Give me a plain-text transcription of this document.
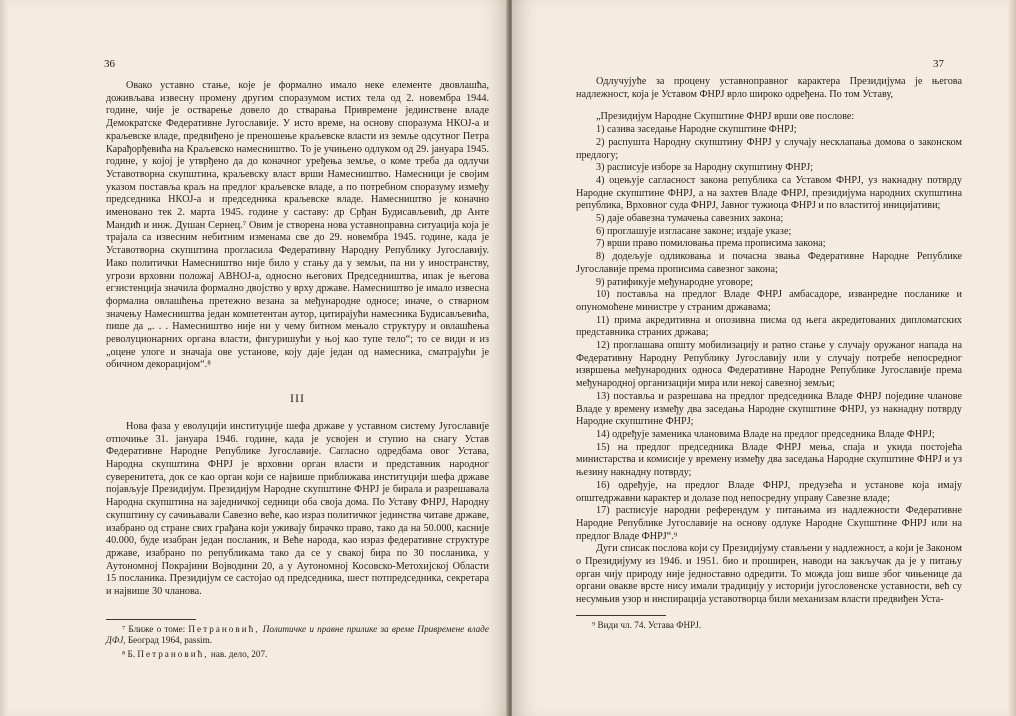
36

Овако уставно стање, које је формално имало неке елементе двовлашћа, доживљава извесну промену другим споразумом истих тела од 2. новембра 1944. године, чије је остварење довело до стварања Привремене јединствене владе Демократске Федеративне Југославије. У исто време, на основу споразума НКОЈ-а и краљевске владе, предвиђено је преношење краљевске власти из земље одсутног Петра Карађорђевића на Краљевско намесништво. То је учињено одлуком од 29. јануара 1945. године, у којој је утврђено да до коначног уређења земље, о коме треба да одлучи Уставотворна скупштина, краљевску власт врши Намесништво. Намесници је својим указом поставља краљ на предлог краљевске владе, а по потребном споразуму између председника НКОЈ-а и председника краљевске владе. Намесништво је коначно именовано тек 2. марта 1945. године у саставу: др Срђан Будисављевић, др Анте Мандић и инж. Душан Сернец.⁷ Овим је створена нова уставноправна ситуација која је трајала са извесним небитним изменама све до 29. новембра 1945. године, када је Уставотворна скупштина прогласила Федеративну Народну Републику Југославију. Иако политички Намесништво није било у стању да у земљи, па ни у иностранству, угрози врховни положај АВНОЈ-а, односно његових Председништва, ипак је његова егзистенција значила формално двојство у врху државе. Намесништво је имало извесна формална овлашћења претежно везана за међународне односе; иначе, о стварном значењу Намесништва један компетентан аутор, цитирајући намесника Будисављевића, пише да „. . . Намесништво није ни у чему битном мењало структуру и овлашћења револуционарних органа власти, фигуришући у њој као тупе тело“; то се види и из „оцене улоге и значаја ове установе, коју даје један од намесника, сматрајући је обичном декорацијом“.⁸

III

Нова фаза у еволуцији институције шефа државе у уставном систему Југославије отпочиње 31. јануара 1946. године, када је усвојен и ступио на снагу Устав Федеративне Народне Републике Југославије. Сагласно одредбама овог Устава, Народна скупштина ФНРЈ је врховни орган власти и представник народног суверенитета, док се као орган који се највише приближава институцији шефа државе појављује Президијум. Президијум Народне скупштине ФНРЈ је бирала и разрешавала Народна скупштина на заједничкој седници оба своја дома. По Уставу ФНРЈ, Народну скупштину су сачињавали Савезно веће, као израз политичког јединства читаве државе, изабрано од стране свих грађана који уживају бирачко право, тако да на 50.000, касније 40.000, буде изабран један посланик, и Веће народа, као израз федеративне структуре државе, изабрано по републикама тако да се у свакој бира по 30 посланика, у Аутономној Покрајини Војводини 20, а у Аутономној Косовско-Метохијској Области 15 посланика. Президијум се састојао од председника, шест потпредседника, секретара и највише 30 чланова.

⁷ Ближе о томе: Петрановић, Политичке и правне прилике за време Привремене владе ДФЈ, Београд 1964, passim.

⁸ Б. Петрановић, нав. дело, 207.

37

Одлучујуће за процену уставноправног карактера Президијума је његова надлежност, која је Уставом ФНРЈ врло широко одређена. По том Уставу,

„Президијум Народне Скупштине ФНРЈ врши ове послове:

1) сазива заседање Народне скупштине ФНРЈ;

2) распушта Народну скупштину ФНРЈ у случају несклапања домова о законском предлогу;

3) расписује изборе за Народну скупштину ФНРЈ;

4) оцењује сагласност закона република са Уставом ФНРЈ, уз накнадну потврду Народне скупштине ФНРЈ, а на захтев Владе ФНРЈ, президијума народних скупштина република, Врховног суда ФНРЈ, Јавног тужиоца ФНРЈ и по властитој иницијативи;

5) даје обавезна тумачења савезних закона;

6) проглашује изгласане законе; издаје указе;

7) врши право помиловања према прописима закона;

8) додељује одликовања и почасна звања Федеративне Народне Републике Југославије према прописима савезног закона;

9) ратификује међународне уговоре;

10) поставља на предлог Владе ФНРЈ амбасадоре, изванредне посланике и опуномоћене министре у страним државама;

11) прима акредитивна и опозивна писма од њега акредитованих дипломатских представника страних држава;

12) проглашава општу мобилизацију и ратно стање у случају оружаног напада на Федеративну Народну Републику Југославију или у случају потребе непосредног извршења међународних односа Федеративне Народне Републике Југославије према међународној организацији мира или некој савезној земљи;

13) поставља и разрешава на предлог председника Владе ФНРЈ поједине чланове Владе у времену између два заседања Народне скупштине ФНРЈ, уз накнадну потврду Народне скупштине ФНРЈ;

14) одређује заменика члановима Владе на предлог председника Владе ФНРЈ;

15) на предлог председника Владе ФНРЈ мења, спаја и укида постојећа министарства и комисије у времену између два заседања Народне скупштине ФНРЈ и уз њезину накнадну потврду;

16) одређује, на предлог Владе ФНРЈ, предузећа и установе која имају општедржавни карактер и долазе под непосредну управу Савезне владе;

17) расписује народни референдум у питањима из надлежности Федеративне Народне Републике Југославије на основу одлуке Народне Скупштине ФНРЈ или на предлог Владе ФНРЈ“.⁹

Дуги списак послова који су Президијуму стављени у надлежност, а који је Законом о Президијуму из 1946. и 1951. био и проширен, наводи на закључак да је у питању орган чију природу није једноставно одредити. То можда још више због чињенице да органи оваквe врсте нису имали традицију у историји југословенске уставности, већ су несумњив узор и инспирација уставотворца били механизам власти предвиђен Уста-

⁹ Види чл. 74. Устава ФНРЈ.
